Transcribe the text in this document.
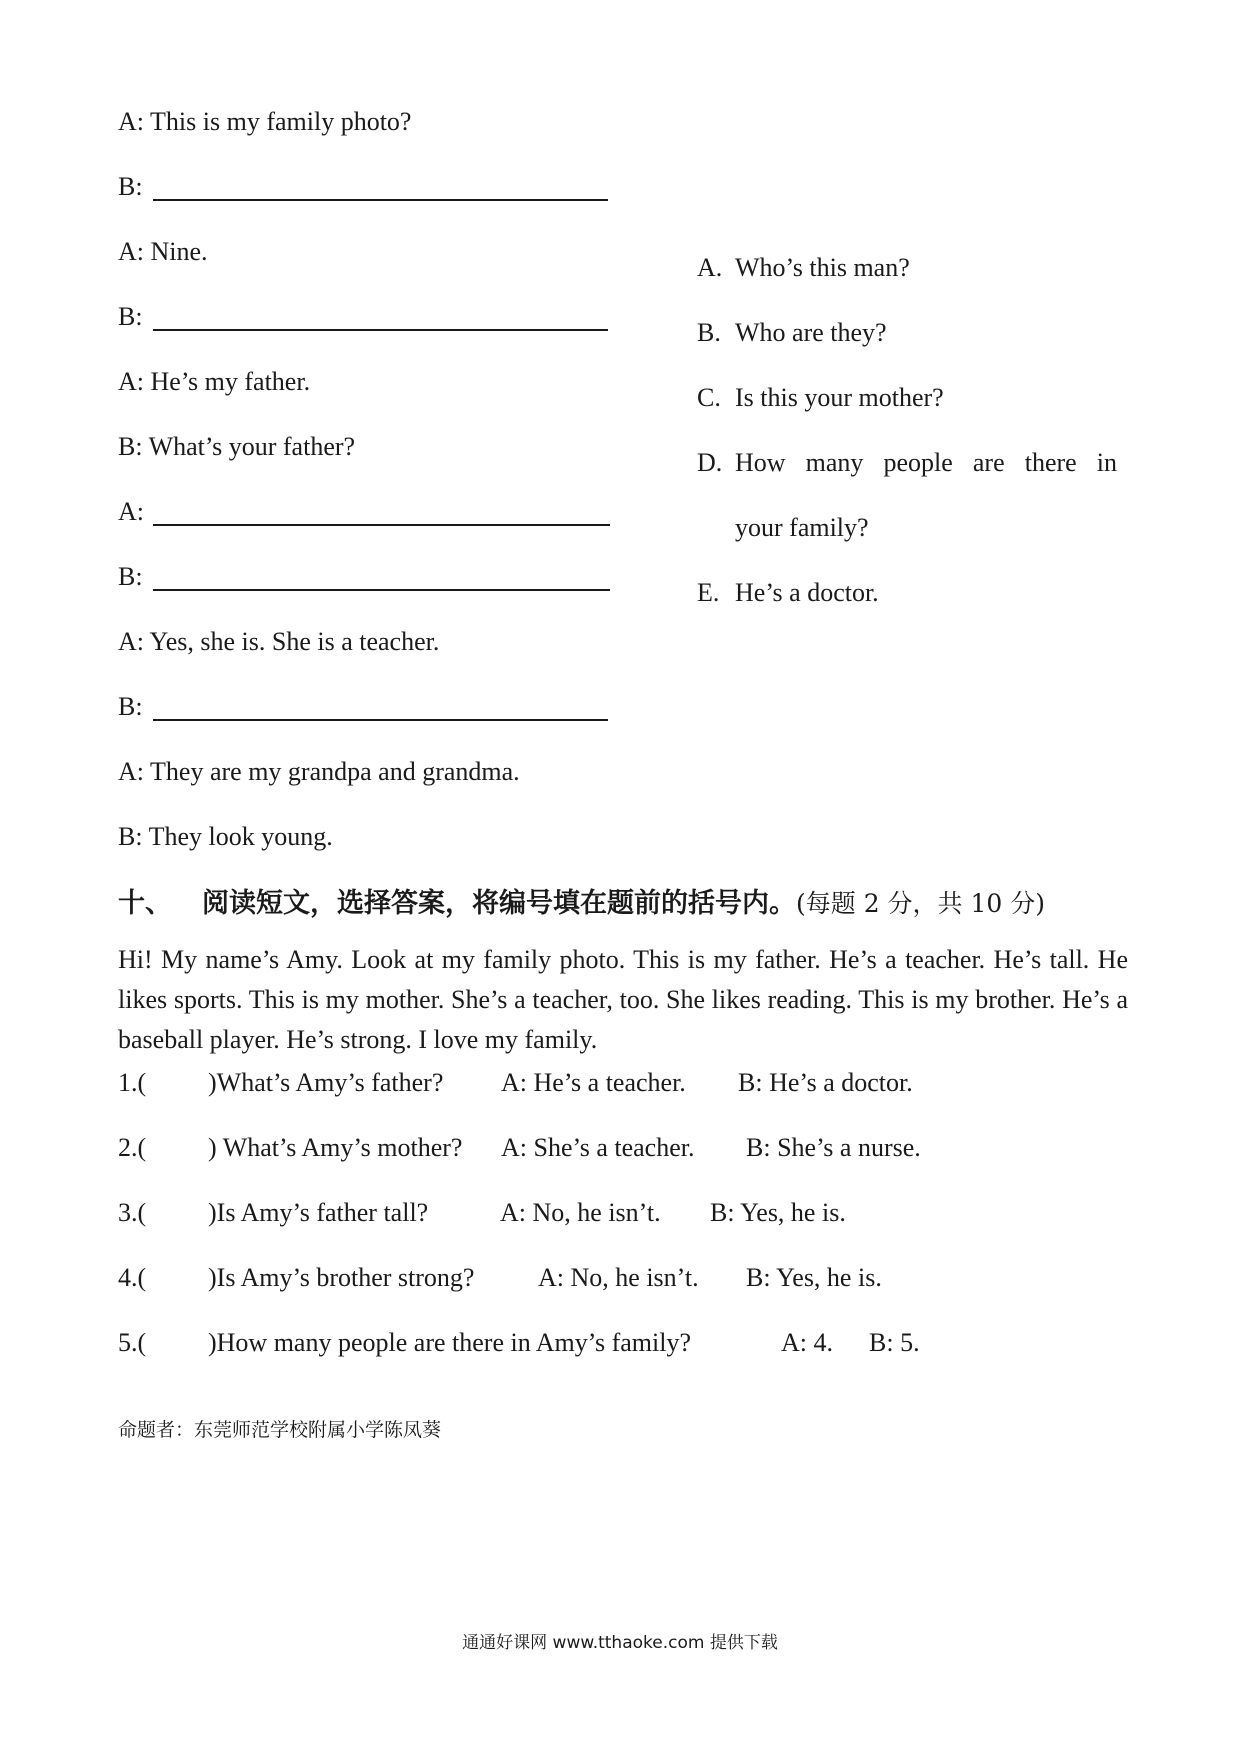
A: This is my family photo?
B:
A: Nine.
B:
A: He’s my father.
B: What’s your father?
A:
B:
A: Yes, she is. She is a teacher.
B:
A: They are my grandpa and grandma.
B: They look young.
A. Who’s this man?
B. Who are they?
C. Is this your mother?
D. How many people are there in
your family?
E. He’s a doctor.
十、 阅读短文，选择答案，将编号填在题前的括号内。(每题 2 分，共 10 分)
Hi! My name’s Amy. Look at my family photo. This is my father. He’s a teacher. He’s tall. He likes sports. This is my mother. She’s a teacher, too. She likes reading. This is my brother. He’s a baseball player. He’s strong. I love my family.
1.( )What’s Amy’s father? A: He’s a teacher. B: He’s a doctor.
2.( ) What’s Amy’s mother? A: She’s a teacher. B: She’s a nurse.
3.( )Is Amy’s father tall?	A: No, he isn’t. B: Yes, he is.
4.( )Is Amy’s brother strong? A: No, he isn’t. B: Yes, he is.
5.( )How many people are there in Amy’s family?	A: 4. B: 5.
命题者：东莞师范学校附属小学陈凤葵
通通好课网 www.tthaoke.com 提供下载
